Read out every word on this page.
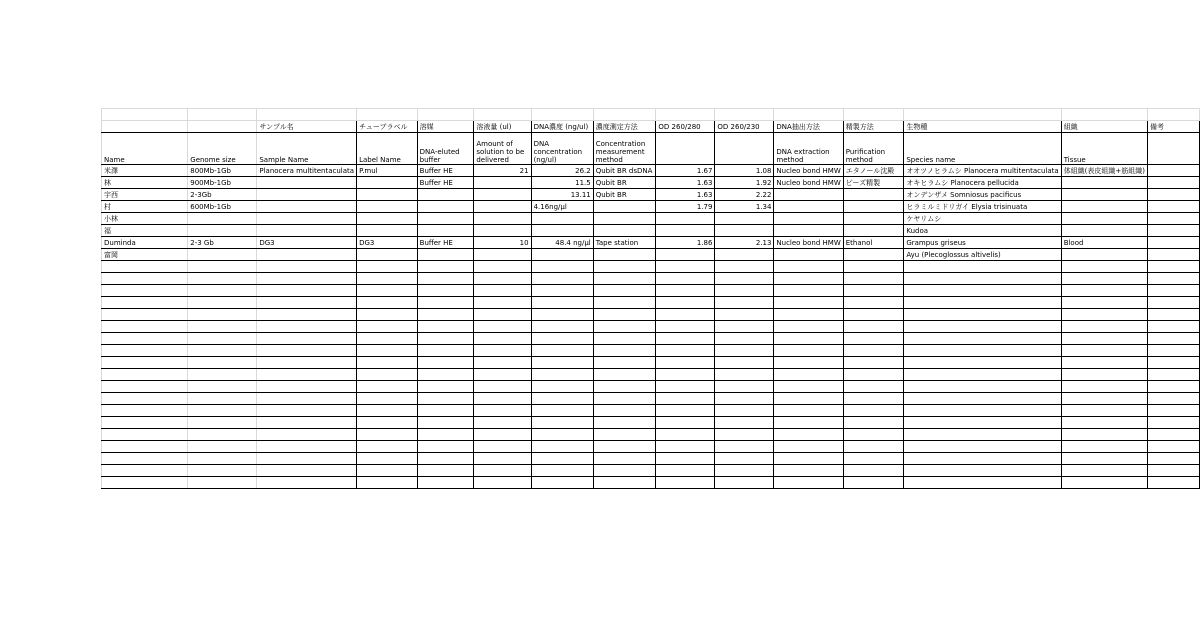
		サンプル名	チューブラベル	溶媒	溶液量 (ul)	DNA濃度 (ng/ul)	濃度測定方法	OD 260/280	OD 260/230	DNA抽出方法	精製方法	生物種	組織	備考
Name	Genome size	Sample Name	Label Name	DNA-eluted buffer	Amount of solution to be delivered	DNA concentration (ng/ul)	Concentration measurement method			DNA extraction method	Purification method	Species name	Tissue	
米澤	800Mb-1Gb	Planocera multitentaculata	P.mul	Buffer HE	21	26.2	Qubit BR dsDNA	1.67	1.08	Nucleo bond HMW	エタノール沈殿	オオツノヒラムシ Planocera multitentaculata	体組織(表皮組織+筋組織)	
林	900Mb-1Gb			Buffer HE		11.5	Qubit BR	1.63	1.92	Nucleo bond HMW	ビーズ精製	オキヒラムシ Planocera pellucida		
宇西	2-3Gb					13.11	Qubit BR	1.63	2.22			オンデンザメ Somniosus pacificus		
村	600Mb-1Gb					4.16ng/µl		1.79	1.34			ヒラミルミドリガイ Elysia trisinuata		
小林												ケヤリムシ		
福												Kudoa		
Duminda	2-3 Gb	DG3	DG3	Buffer HE	10	48.4 ng/µl	Tape station	1.86	2.13	Nucleo bond HMW	Ethanol	Grampus griseus	Blood	
富岡												Ayu (Plecoglossus altivelis)		
